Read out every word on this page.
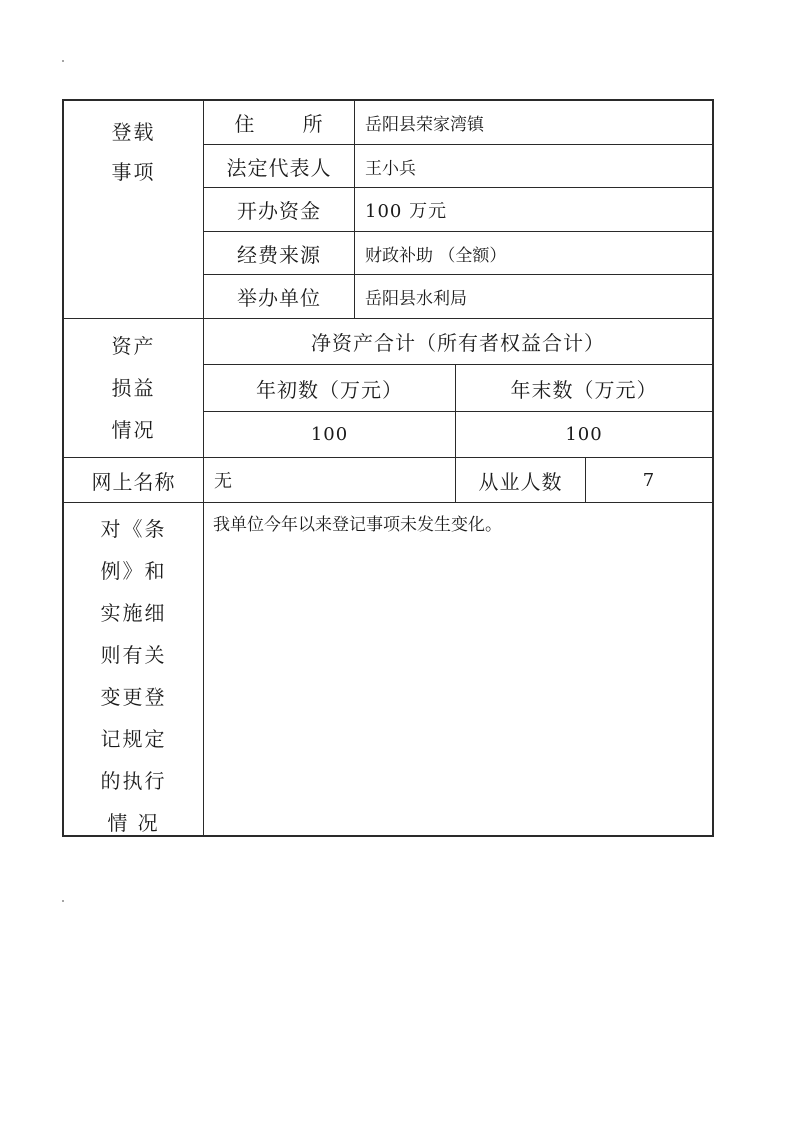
登载
事项
住 所 岳阳县荣家湾镇
法定代表人 王小兵
开办资金 100 万元
经费来源	财政补助 （全额）
举办单位	岳阳县水利局
资产
损益
情况
净资产合计（所有者权益合计）
年初数（万元）	年末数（万元）
100	100
网上名称 无	从业人数	7
对《条
例》和
实施细
则有关
变更登
记规定
的执行
情 况
我单位今年以来登记事项未发生变化。
